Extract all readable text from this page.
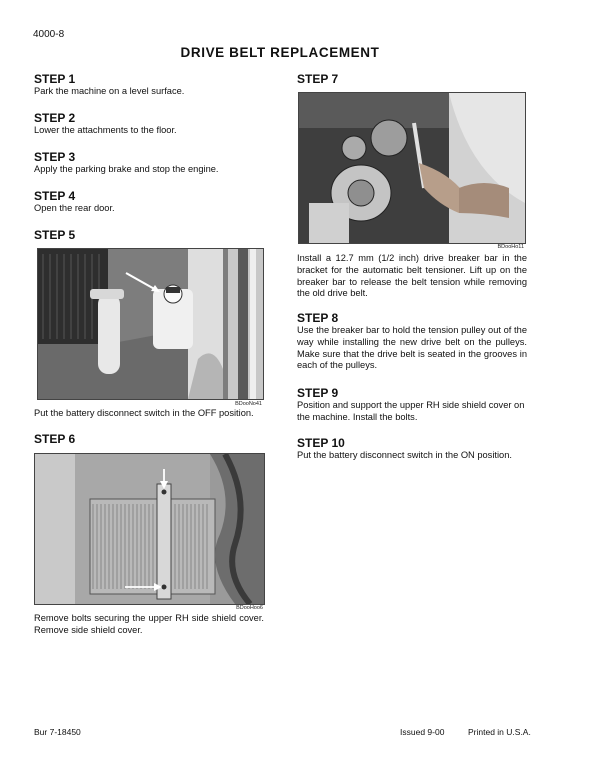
4000-8
DRIVE BELT REPLACEMENT
STEP 1

Park the machine on a level surface.

STEP 2

Lower the attachments to the floor.

STEP 3

Apply the parking brake and stop the engine.

STEP 4

Open the rear door.

STEP 5
BDooNo41

Put the battery disconnect switch in the OFF position.

STEP 6
BDooHoo6

Remove bolts securing the upper RH side shield cover. Remove side shield cover.

STEP 7
BDooHo11

Install a 12.7 mm (1/2 inch) drive breaker bar in the bracket for the automatic belt tensioner. Lift up on the breaker bar to release the belt tension while removing the old drive belt.

STEP 8

Use the breaker bar to hold the tension pulley out of the way while installing the new drive belt on the pulleys. Make sure that the drive belt is seated in the grooves in each of the pulleys.

STEP 9

Position and support the upper RH side shield cover on the machine. Install the bolts.

STEP 10

Put the battery disconnect switch in the ON position.

Bur 7-18450	Issued 9-00	Printed in U.S.A.
